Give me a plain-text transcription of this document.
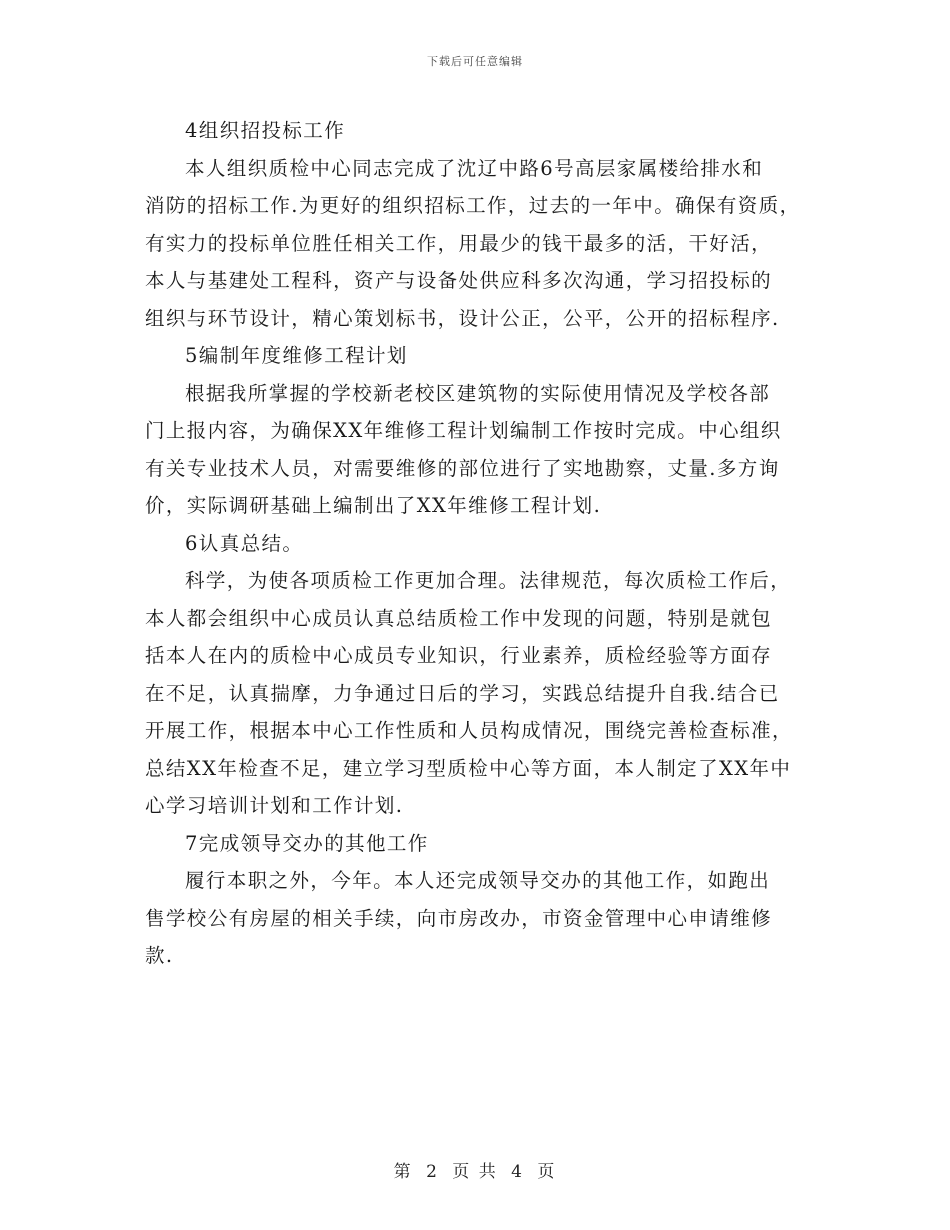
下载后可任意编辑
4组织招投标工作
本人组织质检中心同志完成了沈辽中路6号高层家属楼给排水和
消防的招标工作.为更好的组织招标工作，过去的一年中。确保有资质，
有实力的投标单位胜任相关工作，用最少的钱干最多的活，干好活，
本人与基建处工程科，资产与设备处供应科多次沟通，学习招投标的
组织与环节设计，精心策划标书，设计公正，公平，公开的招标程序.
5编制年度维修工程计划
根据我所掌握的学校新老校区建筑物的实际使用情况及学校各部
门上报内容，为确保XX年维修工程计划编制工作按时完成。中心组织
有关专业技术人员，对需要维修的部位进行了实地勘察，丈量.多方询
价，实际调研基础上编制出了XX年维修工程计划.
6认真总结。
科学，为使各项质检工作更加合理。法律规范，每次质检工作后，
本人都会组织中心成员认真总结质检工作中发现的问题，特别是就包
括本人在内的质检中心成员专业知识，行业素养，质检经验等方面存
在不足，认真揣摩，力争通过日后的学习，实践总结提升自我.结合已
开展工作，根据本中心工作性质和人员构成情况，围绕完善检查标准，
总结XX年检查不足，建立学习型质检中心等方面，本人制定了XX年中
心学习培训计划和工作计划.
7完成领导交办的其他工作
履行本职之外，今年。本人还完成领导交办的其他工作，如跑出
售学校公有房屋的相关手续，向市房改办，市资金管理中心申请维修
款.
第 2 页 共 4 页
